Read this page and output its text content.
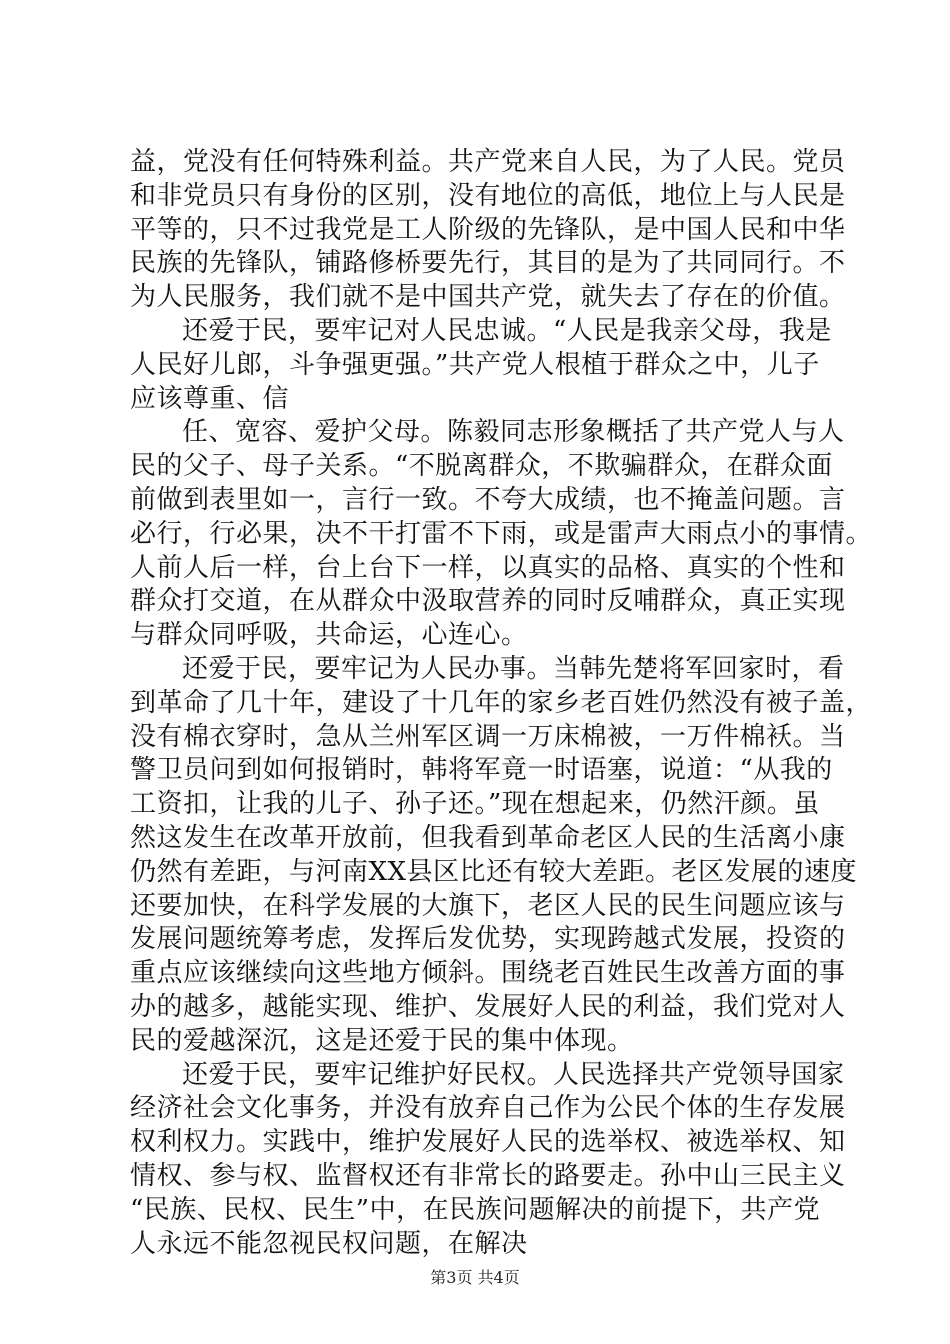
益，党没有任何特殊利益。共产党来自人民，为了人民。党员
和非党员只有身份的区别，没有地位的高低，地位上与人民是
平等的，只不过我党是工人阶级的先锋队，是中国人民和中华
民族的先锋队，铺路修桥要先行，其目的是为了共同同行。不
为人民服务，我们就不是中国共产党，就失去了存在的价值。
还爱于民，要牢记对人民忠诚。“人民是我亲父母，我是
人民好儿郎，斗争强更强。”共产党人根植于群众之中，儿子
应该尊重、信
任、宽容、爱护父母。陈毅同志形象概括了共产党人与人
民的父子、母子关系。“不脱离群众，不欺骗群众，在群众面
前做到表里如一，言行一致。不夸大成绩，也不掩盖问题。言
必行，行必果，决不干打雷不下雨，或是雷声大雨点小的事情。
人前人后一样，台上台下一样，以真实的品格、真实的个性和
群众打交道，在从群众中汲取营养的同时反哺群众，真正实现
与群众同呼吸，共命运，心连心。
还爱于民，要牢记为人民办事。当韩先楚将军回家时，看
到革命了几十年，建设了十几年的家乡老百姓仍然没有被子盖，
没有棉衣穿时，急从兰州军区调一万床棉被，一万件棉袄。当
警卫员问到如何报销时，韩将军竟一时语塞，说道：“从我的
工资扣，让我的儿子、孙子还。”现在想起来，仍然汗颜。虽
然这发生在改革开放前，但我看到革命老区人民的生活离小康
仍然有差距，与河南XX县区比还有较大差距。老区发展的速度
还要加快，在科学发展的大旗下，老区人民的民生问题应该与
发展问题统筹考虑，发挥后发优势，实现跨越式发展，投资的
重点应该继续向这些地方倾斜。围绕老百姓民生改善方面的事
办的越多，越能实现、维护、发展好人民的利益，我们党对人
民的爱越深沉，这是还爱于民的集中体现。
还爱于民，要牢记维护好民权。人民选择共产党领导国家
经济社会文化事务，并没有放弃自己作为公民个体的生存发展
权利权力。实践中，维护发展好人民的选举权、被选举权、知
情权、参与权、监督权还有非常长的路要走。孙中山三民主义
“民族、民权、民生”中，在民族问题解决的前提下，共产党
人永远不能忽视民权问题，在解决
第3页 共4页
